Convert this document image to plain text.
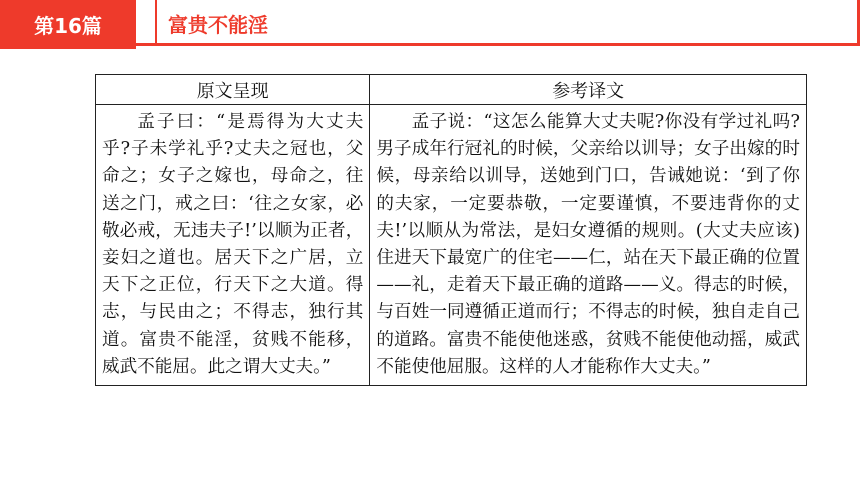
第16篇	富贵不能淫
原文呈现	参考译文
孟子曰：“是焉得为大丈夫乎?子未学礼乎?丈夫之冠也，父命之；女子之嫁也，母命之，往送之门，戒之曰：‘往之女家，必敬必戒，无违夫子!’以顺为正者，妾妇之道也。居天下之广居，立天下之正位，行天下之大道。得志，与民由之；不得志，独行其道。富贵不能淫，贫贱不能移，威武不能屈。此之谓大丈夫。”	孟子说：“这怎么能算大丈夫呢?你没有学过礼吗?男子成年行冠礼的时候，父亲给以训导；女子出嫁的时候，母亲给以训导，送她到门口，告诫她说：‘到了你的夫家，一定要恭敬，一定要谨慎，不要违背你的丈夫!’以顺从为常法，是妇女遵循的规则。(大丈夫应该)住进天下最宽广的住宅——仁，站在天下最正确的位置——礼，走着天下最正确的道路——义。得志的时候，与百姓一同遵循正道而行；不得志的时候，独自走自己的道路。富贵不能使他迷惑，贫贱不能使他动摇，威武不能使他屈服。这样的人才能称作大丈夫。”
